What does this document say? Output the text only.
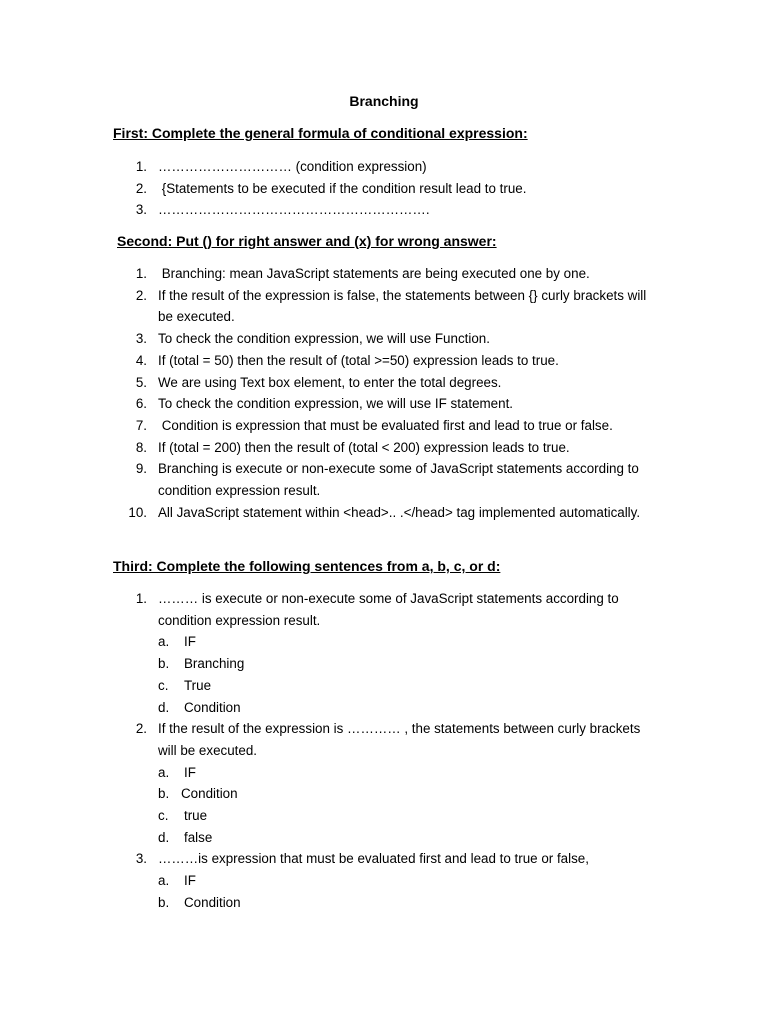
Branching
First: Complete the general formula of conditional expression:
1. ………………………… (condition expression)
2. {Statements to be executed if the condition result lead to true.
3. …………………………………………………….
Second: Put () for right answer and (x) for wrong answer:
1. Branching: mean JavaScript statements are being executed one by one.
2. If the result of the expression is false, the statements between {} curly brackets will be executed.
3. To check the condition expression, we will use Function.
4. If (total = 50) then the result of (total >=50) expression leads to true.
5. We are using Text box element, to enter the total degrees.
6. To check the condition expression, we will use IF statement.
7. Condition is expression that must be evaluated first and lead to true or false.
8. If (total = 200) then the result of (total < 200) expression leads to true.
9. Branching is execute or non-execute some of JavaScript statements according to condition expression result.
10. All JavaScript statement within <head>.. .</head> tag implemented automatically.
Third: Complete the following sentences from a, b, c, or d:
1. ……… is execute or non-execute some of JavaScript statements according to condition expression result.
a. IF
b. Branching
c. True
d. Condition
2. If the result of the expression is ………… , the statements between curly brackets will be executed.
a. IF
b. Condition
c. true
d. false
3. ………is expression that must be evaluated first and lead to true or false,
a. IF
b. Condition
